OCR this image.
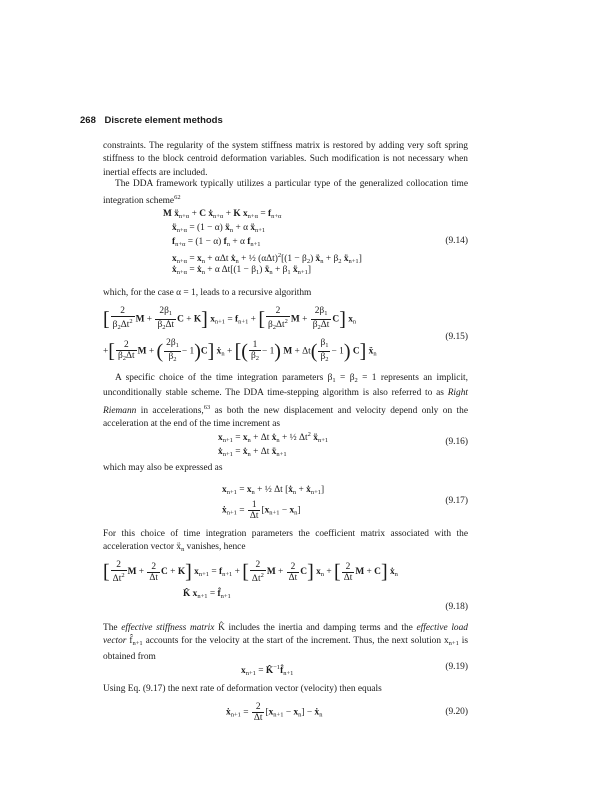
268 Discrete element methods
constraints. The regularity of the system stiffness matrix is restored by adding very soft spring stiffness to the block centroid deformation variables. Such modification is not necessary when inertial effects are included.
The DDA framework typically utilizes a particular type of the generalized collocation time integration scheme$^{62}$
M ẍ$_{n+\alpha}$ + C ẋ$_{n+\alpha}$ + K $x_{n+\alpha} = f_{n+\alpha}$
ẍ$_{n+\alpha}$ = (1 − α) ẍ$_n$ + α ẍ$_{n+1}$
$f_{n+\alpha} = (1 - \alpha) f_n + \alpha$ $f_{n+1}$
$x_{n+\alpha} = x_n + \alpha\Delta t$ ẋ$_n$ + ½ $(\alpha\Delta t)^2[(1 - \beta_2)$ ẍ$_n$ + $\beta_2$ ẍ$_{n+1}$]
ẋ$_{n+\alpha}$ = ẋ$_n$ + α $\Delta t[(1 - \beta_1)$ ẍ$_n$ + $\beta_1$ ẍ$_{n+1}$]
(9.14)
which, for the case α = 1, leads to a recursive algorithm
[ $\frac{2}{\beta_2\Delta t^2}$ $M + \frac{2\beta_1}{\beta_2\Delta t}$ C + K] $x_{n+1} = f_{n+1}$ + [ $\frac{2}{\beta_2\Delta t^2}$ $M + \frac{2\beta_1}{\beta_2\Delta t} C$] $x_n$
+[ $\frac{2}{\beta_2\Delta t}$ M + ( $\frac{2\beta_1}{\beta_2} - 1)C$] ẋ$_n$ + [( $\frac{1}{\beta_2} - 1$) $M + \Delta t( \frac{\beta_1}{\beta_2} - 1)$ C] ẍ$_n$
(9.15)
A specific choice of the time integration parameters $\beta_1 = \beta_2 = 1$ represents an implicit, unconditionally stable scheme. The DDA time-stepping algorithm is also referred to as Right Riemann in accelerations,$^{63}$ as both the new displacement and velocity depend only on the acceleration at the end of the time increment as
$x_{n+1} = x_n + \Delta t$ ẋ$_n$ + ½ $\Delta t^2$ ẍ$_{n+1}$
ẋ$_{n+1}$ = ẋ$_n$ + Δt ẍ$_{n+1}$
(9.16)
which may also be expressed as
$x_{n+1} = x_n$ + ½ Δt [ẋ$_n$ + ẋ$_{n+1}$]
ẋ$_{n+1}$ = $\frac{1}{\Delta t} [x_{n+1} - x_n]$
(9.17)
For this choice of time integration parameters the coefficient matrix associated with the acceleration vector ẍ$_n$ vanishes, hence
[ $\frac{2}{\Delta t^2}$ $M + \frac{2}{\Delta t}$ C + K] $x_{n+1} = f_{n+1}$ + [ $\frac{2}{\Delta t^2}$ $M + \frac{2}{\Delta t} C$] $x_n$ + [ $\frac{2}{\Delta t}$ M + C] ẋ$_n$
K̂ $x_{n+1}$ = $f̂_{n+1}$
(9.18)
The effective stiffness matrix K̂ includes the inertia and damping terms and the effective load vector $f̂_{n+1}$ accounts for the velocity at the start of the increment. Thus, the next solution $x_{n+1}$ is obtained from
$x_{n+1}$ = $K̂^{-1}f̂_{n+1}$
(9.19)
Using Eq. (9.17) the next rate of deformation vector (velocity) then equals
ẋ$_{n+1}$ = $\frac{2}{\Delta t} [x_{n+1} - x_n]$ − ẋ$_n$	(9.20)
